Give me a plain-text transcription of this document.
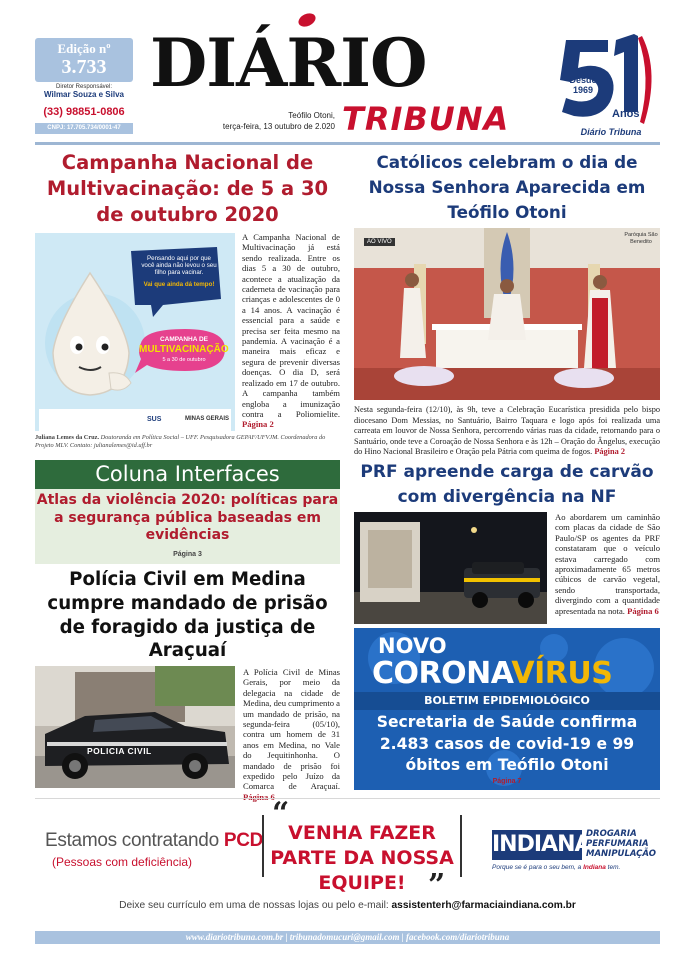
Edição nº
3.733
Diretor Responsável:
Wilmar Souza e Silva
(33) 98851-0806
CNPJ: 17.705.734/0001-47
DIÁRIO
Teófilo Otoni,
terça-feira, 13 outubro de 2.020 TRIBUNA
Desde
1969
Anos
Diário Tribuna
Campanha Nacional de Multivacinação: de 5 a 30 de outubro 2020
Pensando aqui por que você ainda não levou o seu filho para vacinar.
Vai que ainda dá tempo!
CAMPANHA DE
MULTIVACINAÇÃO
5 a 30 de outubro
SUS	MINAS GERAIS

A Campanha Nacional de Multivacinação já está sendo realizada. Entre os dias 5 a 30 de outubro, acontece a atualização da caderneta de vacinação para crianças e adolescentes de 0 a 14 anos. A vacinação é essencial para a saúde e precisa ser feita mesmo na pandemia. A vacinação é a maneira mais eficaz e segura de prevenir diversas doenças. O dia D, será realizado em 17 de outubro. A campanha também engloba a imunização contra a Poliomielite. Página 2

Juliana Lemes da Cruz. Doutoranda em Política Social – UFF. Pesquisadora GEPAF/UFVJM. Coordenadora do Projeto MLV. Contato: julianalemes@id.uff.br
Coluna Interfaces
Atlas da violência 2020: políticas para a segurança pública baseadas em evidências
Página 3
Polícia Civil em Medina cumpre mandado de prisão de foragido da justiça de Araçuaí
POLICIA CIVIL

A Polícia Civil de Minas Gerais, por meio da delegacia na cidade de Medina, deu cumprimento a um mandado de prisão, na segunda-feira (05/10), contra um homem de 31 anos em Medina, no Vale do Jequitinhonha. O mandado de prisão foi expedido pelo Juízo da Comarca de Araçuaí. Página 6

Católicos celebram o dia de Nossa Senhora Aparecida em Teófilo Otoni
AO VIVO
Paróquia São Benedito

Nesta segunda-feira (12/10), às 9h, teve a Celebração Eucarística presidida pelo bispo diocesano Dom Messias, no Santuário, Bairro Taquara e logo após foi realizada uma carreata em louvor de Nossa Senhora, percorrendo várias ruas da cidade, retornando para o Santuário, onde teve a Coroação de Nossa Senhora e às 12h – Oração do Ângelus, execução do Hino Nacional Brasileiro e Oração pela Pátria com queima de fogos. Página 2

PRF apreende carga de carvão com divergência na NF

Ao abordarem um caminhão com placas da cidade de São Paulo/SP os agentes da PRF constataram que o veículo estava carregado com aproximadamente 65 metros cúbicos de carvão vegetal, sendo transportada, divergindo com a quantidade apresentada na nota. Página 6

NOVO
CORONAVÍRUS
BOLETIM EPIDEMIOLÓGICO
Secretaria de Saúde confirma 2.483 casos de covid-19 e 99 óbitos em Teófilo Otoni
Página 7
Estamos contratando PCD
(Pessoas com deficiência)
“
VENHA FAZER PARTE DA NOSSA EQUIPE! ”
INDIANA
DROGARIA
PERFUMARIA
MANIPULAÇÃO
Porque se é para o seu bem, a Indiana tem.
Deixe seu currículo em uma de nossas lojas ou pelo e-mail: assistenterh@farmaciaindiana.com.br
www.diariotribuna.com.br | tribunadomucuri@gmail.com | facebook.com/diariotribuna
